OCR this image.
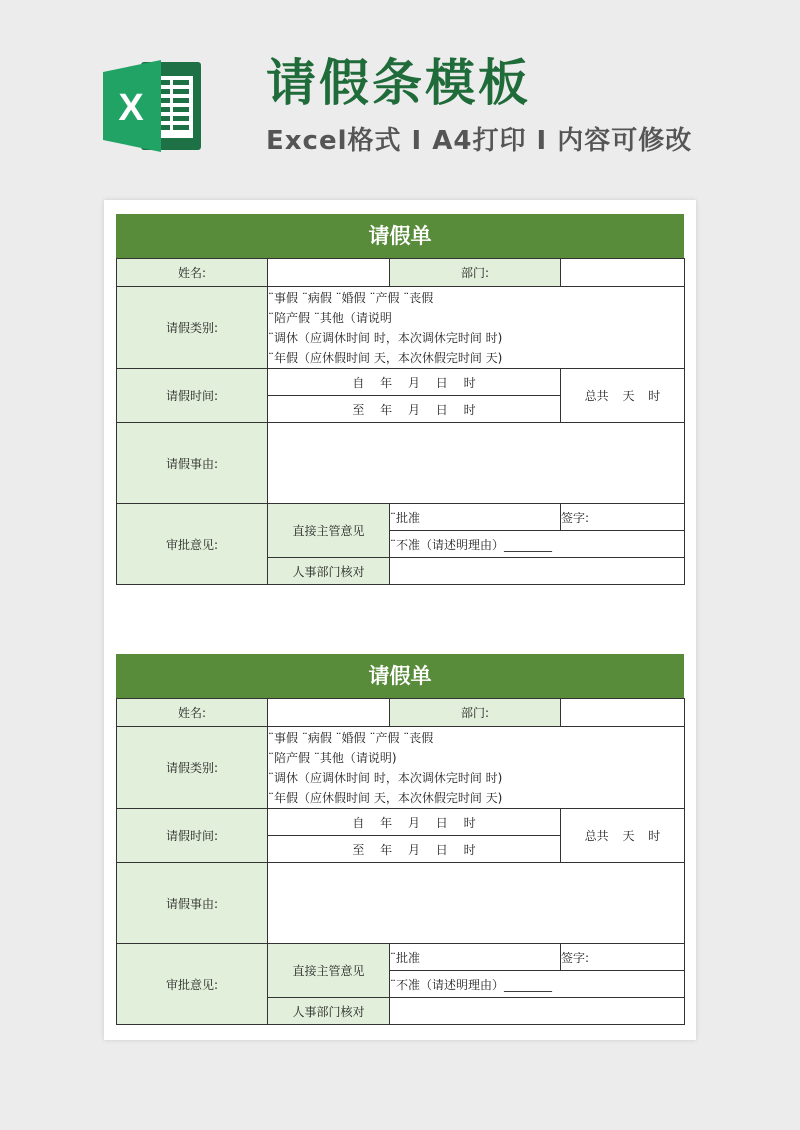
X 请假条模板

Excel格式 I A4打印 I 内容可修改

请假单
姓名:		部门:	
请假类别:	¨事假 ¨病假 ¨婚假 ¨产假 ¨丧假
¨陪产假 ¨其他（请说明
¨调休（应调休时间 时，本次调休完时间 时)
¨年假（应休假时间 天，本次休假完时间 天)		

请假时间:	自 年 月 日 时		总共 天 时
	至 年 月 日 时		
请假事由:			
审批意见:	直接主管意见	¨批准	签字:
		¨不准（请述明理由）________	
	人事部门核对		
请假单
姓名:		部门:	
请假类别:	¨事假 ¨病假 ¨婚假 ¨产假 ¨丧假
¨陪产假 ¨其他（请说明)
¨调休（应调休时间 时，本次调休完时间 时)
¨年假（应休假时间 天，本次休假完时间 天)		

请假时间:	自 年 月 日 时		总共 天 时
	至 年 月 日 时		
请假事由:			
审批意见:	直接主管意见	¨批准	签字:
		¨不准（请述明理由）________	
	人事部门核对		
